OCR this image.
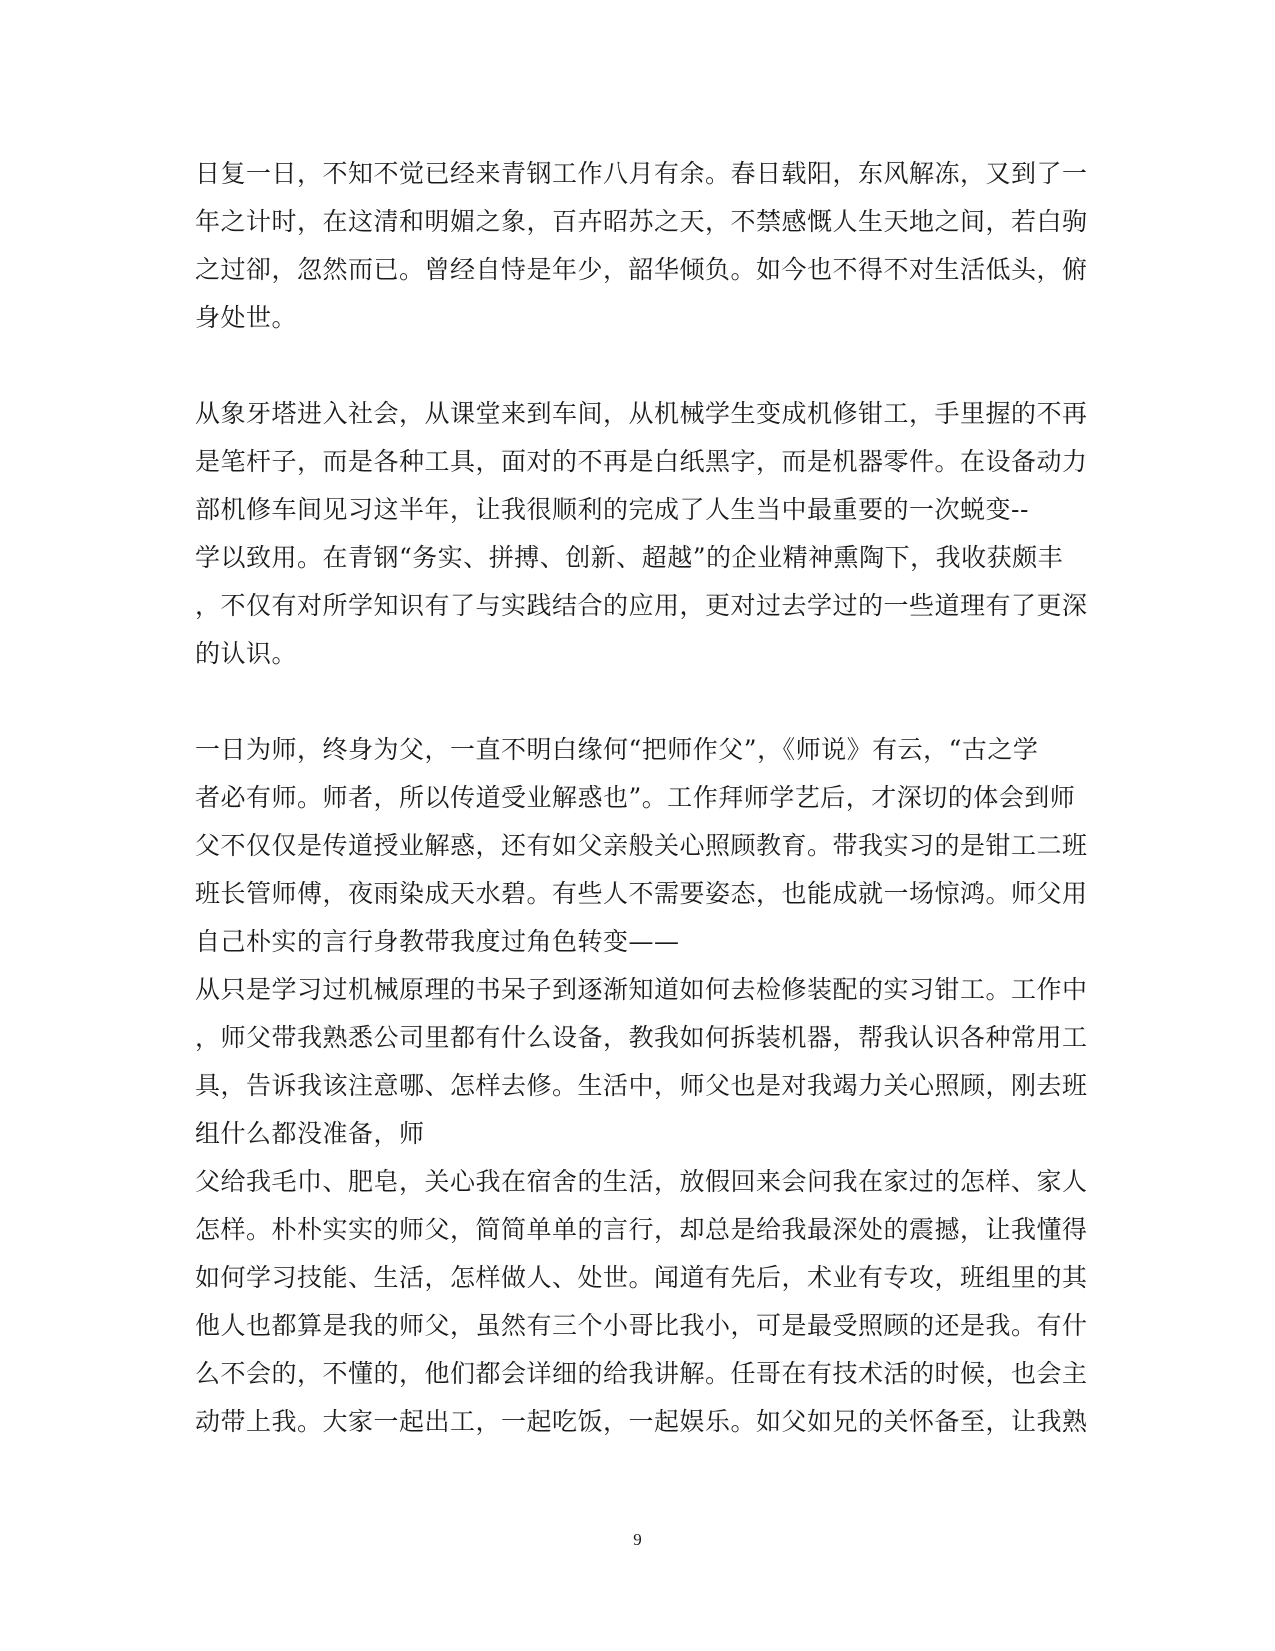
日复一日，不知不觉已经来青钢工作八月有余。春日载阳，东风解冻，又到了一
年之计时，在这清和明媚之象，百卉昭苏之天，不禁感慨人生天地之间，若白驹
之过卻，忽然而已。曾经自恃是年少，韶华倾负。如今也不得不对生活低头，俯
身处世。
从象牙塔进入社会，从课堂来到车间，从机械学生变成机修钳工，手里握的不再
是笔杆子，而是各种工具，面对的不再是白纸黑字，而是机器零件。在设备动力
部机修车间见习这半年，让我很顺利的完成了人生当中最重要的一次蜕变--
学以致用。在青钢“务实、拼搏、创新、超越”的企业精神熏陶下，我收获颇丰
，不仅有对所学知识有了与实践结合的应用，更对过去学过的一些道理有了更深
的认识。
一日为师，终身为父，一直不明白缘何“把师作父”，《师说》有云，“古之学
者必有师。师者，所以传道受业解惑也”。工作拜师学艺后，才深切的体会到师
父不仅仅是传道授业解惑，还有如父亲般关心照顾教育。带我实习的是钳工二班
班长管师傅，夜雨染成天水碧。有些人不需要姿态，也能成就一场惊鸿。师父用
自己朴实的言行身教带我度过角色转变——
从只是学习过机械原理的书呆子到逐渐知道如何去检修装配的实习钳工。工作中
，师父带我熟悉公司里都有什么设备，教我如何拆装机器，帮我认识各种常用工
具，告诉我该注意哪、怎样去修。生活中，师父也是对我竭力关心照顾，刚去班
组什么都没准备，师
父给我毛巾、肥皂，关心我在宿舍的生活，放假回来会问我在家过的怎样、家人
怎样。朴朴实实的师父，简简单单的言行，却总是给我最深处的震撼，让我懂得
如何学习技能、生活，怎样做人、处世。闻道有先后，术业有专攻，班组里的其
他人也都算是我的师父，虽然有三个小哥比我小，可是最受照顾的还是我。有什
么不会的，不懂的，他们都会详细的给我讲解。任哥在有技术活的时候，也会主
动带上我。大家一起出工，一起吃饭，一起娱乐。如父如兄的关怀备至，让我熟
9
